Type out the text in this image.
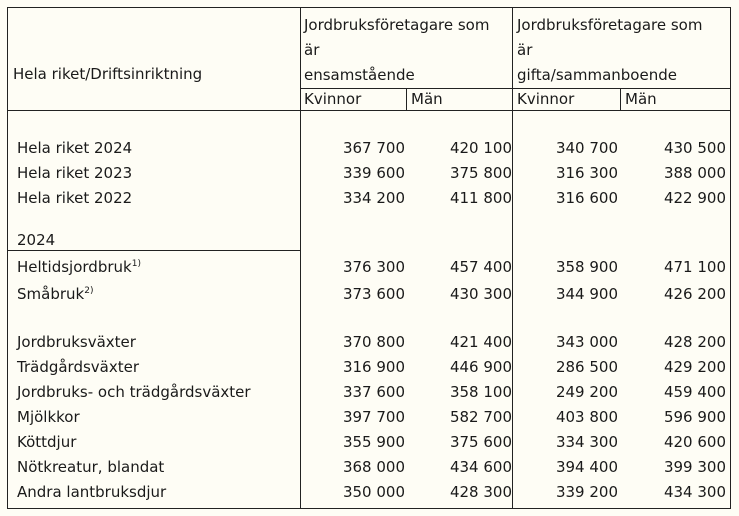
Hela riket/Driftsinriktning
Jordbruksföretagare som
är
ensamstående
Jordbruksföretagare som
är
gifta/sammanboende
Kvinnor	Män	Kvinnor	Män
2024
Hela riket 2024	367 700	420 100	340 700	430 500
Hela riket 2023	339 600	375 800	316 300	388 000
Hela riket 2022	334 200	411 800	316 600	422 900
Heltidsjordbruk$^{1)}$	376 300	457 400	358 900	471 100
Småbruk$^{2)}$	373 600	430 300	344 900	426 200
Jordbruksväxter	370 800	421 400	343 000	428 200
Trädgårdsväxter	316 900	446 900	286 500	429 200
Jordbruks- och trädgårdsväxter	337 600	358 100	249 200	459 400
Mjölkkor	397 700	582 700	403 800	596 900
Köttdjur	355 900	375 600	334 300	420 600
Nötkreatur, blandat	368 000	434 600	394 400	399 300
Andra lantbruksdjur	350 000	428 300	339 200	434 300
